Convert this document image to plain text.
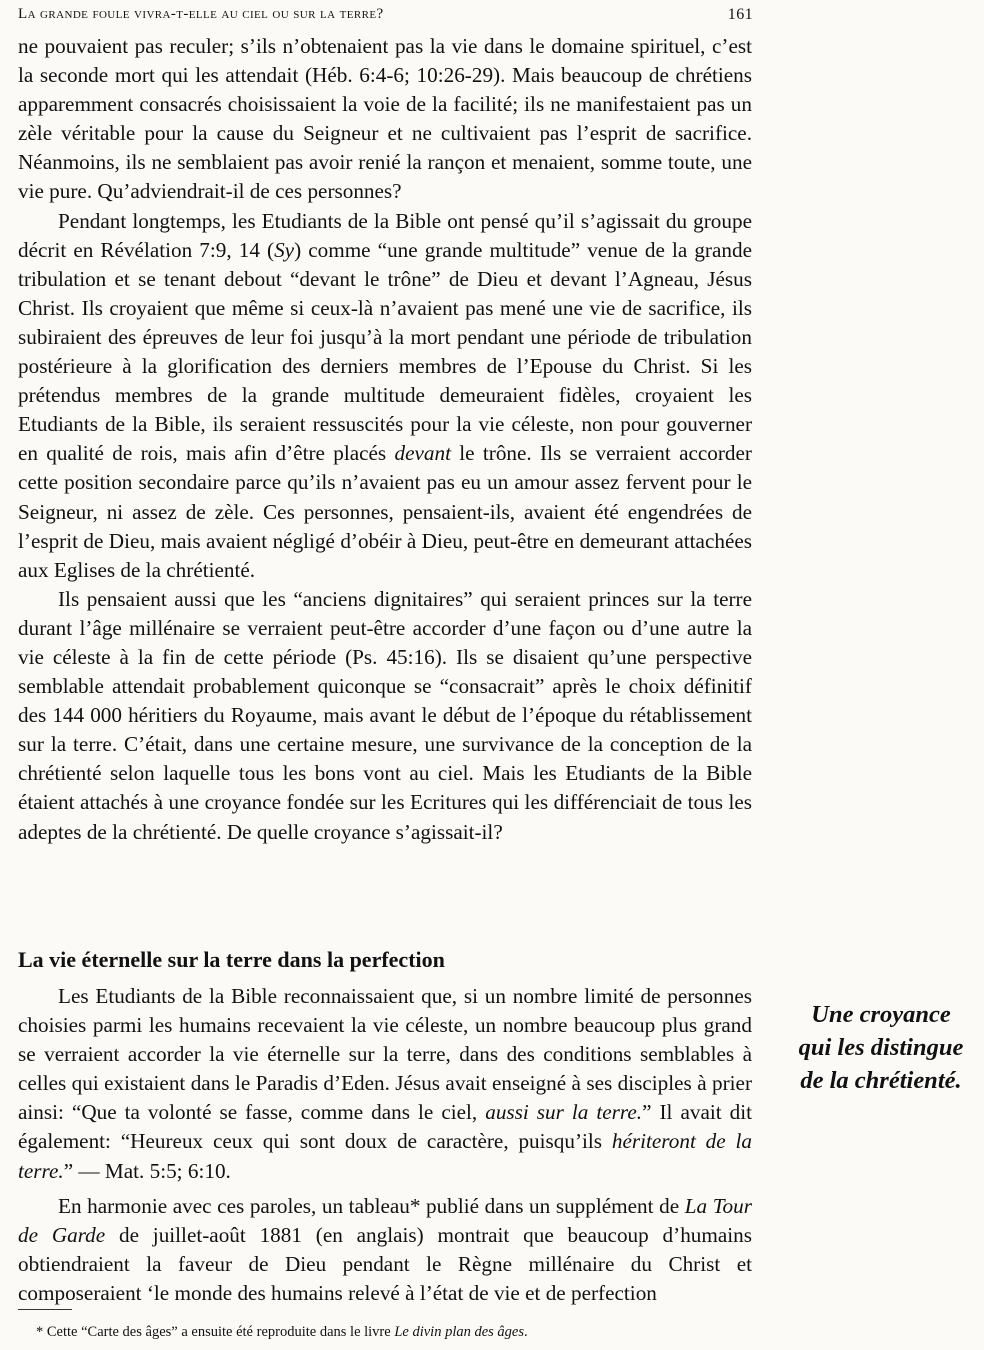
La grande foule vivra-t-elle au ciel ou sur la terre?	161

ne pouvaient pas reculer; s’ils n’obtenaient pas la vie dans le domaine spirituel, c’est la seconde mort qui les attendait (Héb. 6:4-6; 10:26-29). Mais beaucoup de chrétiens apparemment consacrés choisissaient la voie de la facilité; ils ne manifestaient pas un zèle véritable pour la cause du Seigneur et ne cultivaient pas l’esprit de sacrifice. Néanmoins, ils ne semblaient pas avoir renié la rançon et menaient, somme toute, une vie pure. Qu’adviendrait-il de ces personnes?

Pendant longtemps, les Etudiants de la Bible ont pensé qu’il s’agissait du groupe décrit en Révélation 7:9, 14 (Sy) comme “une grande multitude” venue de la grande tribulation et se tenant debout “devant le trône” de Dieu et devant l’Agneau, Jésus Christ. Ils croyaient que même si ceux-là n’avaient pas mené une vie de sacrifice, ils subiraient des épreuves de leur foi jusqu’à la mort pendant une période de tribulation postérieure à la glorification des derniers membres de l’Epouse du Christ. Si les prétendus membres de la grande multitude demeuraient fidèles, croyaient les Etudiants de la Bible, ils seraient ressuscités pour la vie céleste, non pour gouverner en qualité de rois, mais afin d’être placés devant le trône. Ils se verraient accorder cette position secondaire parce qu’ils n’avaient pas eu un amour assez fervent pour le Seigneur, ni assez de zèle. Ces personnes, pensaient-ils, avaient été engendrées de l’esprit de Dieu, mais avaient négligé d’obéir à Dieu, peut-être en demeurant attachées aux Eglises de la chrétienté.

Ils pensaient aussi que les “anciens dignitaires” qui seraient princes sur la terre durant l’âge millénaire se verraient peut-être accorder d’une façon ou d’une autre la vie céleste à la fin de cette période (Ps. 45:16). Ils se disaient qu’une perspective semblable attendait probablement quiconque se “consacrait” après le choix définitif des 144 000 héritiers du Royaume, mais avant le début de l’époque du rétablissement sur la terre. C’était, dans une certaine mesure, une survivance de la conception de la chrétienté selon laquelle tous les bons vont au ciel. Mais les Etudiants de la Bible étaient attachés à une croyance fondée sur les Ecritures qui les différenciait de tous les adeptes de la chrétienté. De quelle croyance s’agissait-il?

La vie éternelle sur la terre dans la perfection

Les Etudiants de la Bible reconnaissaient que, si un nombre limité de personnes choisies parmi les humains recevaient la vie céleste, un nombre beaucoup plus grand se verraient accorder la vie éternelle sur la terre, dans des conditions semblables à celles qui existaient dans le Paradis d’Eden. Jésus avait enseigné à ses disciples à prier ainsi: “Que ta volonté se fasse, comme dans le ciel, aussi sur la terre.” Il avait dit également: “Heureux ceux qui sont doux de caractère, puisqu’ils hériteront de la terre.” — Mat. 5:5; 6:10.

En harmonie avec ces paroles, un tableau* publié dans un supplément de La Tour de Garde de juillet-août 1881 (en anglais) montrait que beaucoup d’humains obtiendraient la faveur de Dieu pendant le Règne millénaire du Christ et composeraient ‘le monde des humains relevé à l’état de vie et de perfection

Une croyance
qui les distingue
de la chrétienté.
* Cette “Carte des âges” a ensuite été reproduite dans le livre Le divin plan des âges.
